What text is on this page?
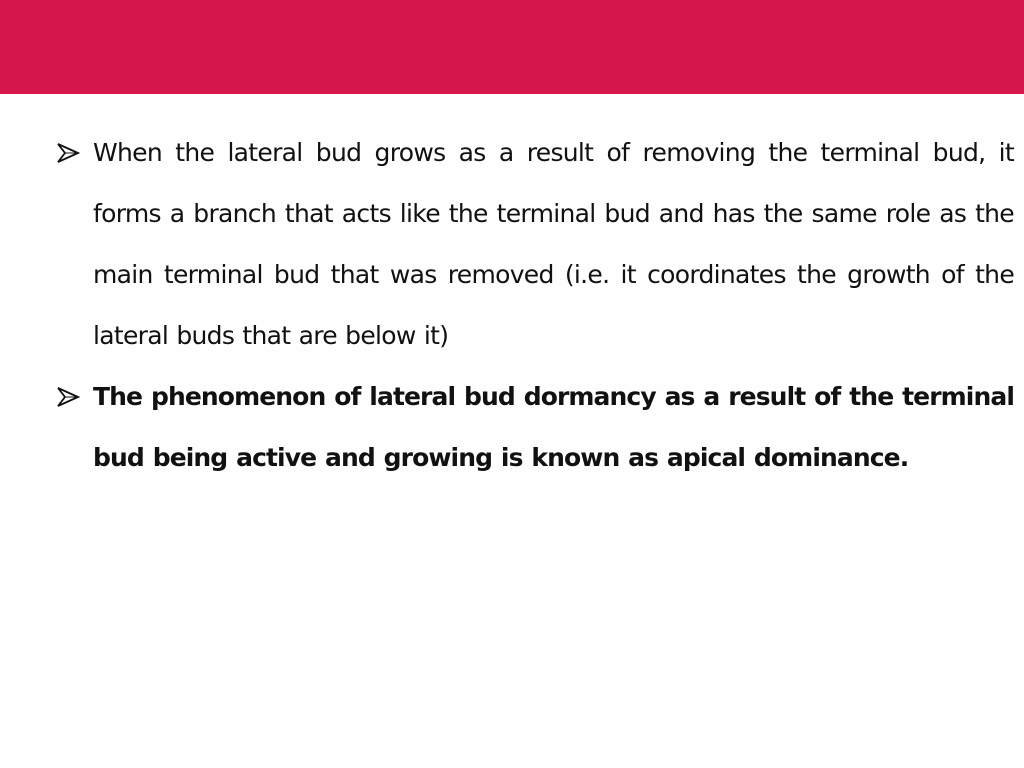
When the lateral bud grows as a result of removing the terminal bud, it forms a branch that acts like the terminal bud and has the same role as the main terminal bud that was removed (i.e. it coordinates the growth of the lateral buds that are below it)
The phenomenon of lateral bud dormancy as a result of the terminal bud being active and growing is known as apical dominance.
